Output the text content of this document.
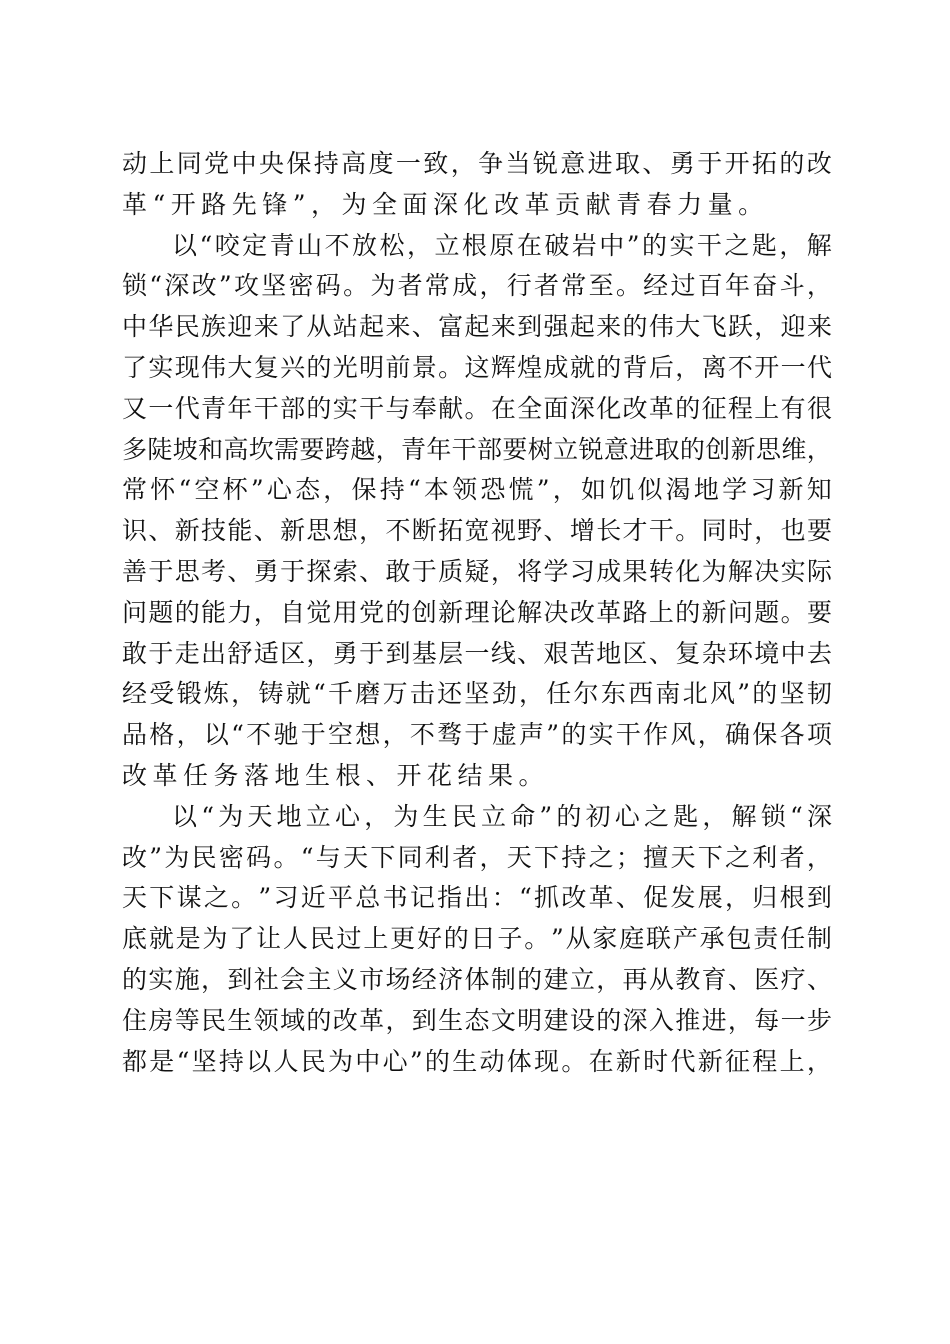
动 上 同 党 中 央 保 持 高 度 一 致 ， 争 当 锐 意 进 取 、 勇 于 开 拓 的 改
革“开路先锋”，为全面深化改革贡献青春力量。
以 “ 咬 定 青 山 不 放 松 ， 立 根 原 在 破 岩 中 ” 的 实 干 之 匙 ， 解
锁 “ 深 改 ” 攻 坚 密 码 。 为 者 常 成 ， 行 者 常 至 。 经 过 百 年 奋 斗 ，
中 华 民 族 迎 来 了 从 站 起 来 、 富 起 来 到 强 起 来 的 伟 大 飞 跃 ， 迎 来
了 实 现 伟 大 复 兴 的 光 明 前 景 。 这 辉 煌 成 就 的 背 后 ， 离 不 开 一 代
又 一 代 青 年 干 部 的 实 干 与 奉 献 。 在 全 面 深 化 改 革 的 征 程 上 有 很
多 陡 坡 和 高 坎 需 要 跨 越 ， 青 年 干 部 要 树 立 锐 意 进 取 的 创 新 思 维 ，
常 怀 “ 空 杯 ” 心 态 ， 保 持 “ 本 领 恐 慌 ” ， 如 饥 似 渴 地 学 习 新 知
识 、 新 技 能 、 新 思 想 ， 不 断 拓 宽 视 野 、 增 长 才 干 。 同 时 ， 也 要
善 于 思 考 、 勇 于 探 索 、 敢 于 质 疑 ， 将 学 习 成 果 转 化 为 解 决 实 际
问 题 的 能 力 ， 自 觉 用 党 的 创 新 理 论 解 决 改 革 路 上 的 新 问 题 。 要
敢 于 走 出 舒 适 区 ， 勇 于 到 基 层 一 线 、 艰 苦 地 区 、 复 杂 环 境 中 去
经 受 锻 炼 ， 铸 就 “ 千 磨 万 击 还 坚 劲 ， 任 尔 东 西 南 北 风 ” 的 坚 韧
品 格 ， 以 “ 不 驰 于 空 想 ， 不 骛 于 虚 声 ” 的 实 干 作 风 ， 确 保 各 项
改革任务落地生根、开花结果。
以 “ 为 天 地 立 心 ， 为 生 民 立 命 ” 的 初 心 之 匙 ， 解 锁 “ 深
改 ” 为 民 密 码 。 “ 与 天 下 同 利 者 ， 天 下 持 之 ； 擅 天 下 之 利 者 ，
天 下 谋 之 。 ” 习 近 平 总 书 记 指 出 ： “ 抓 改 革 、 促 发 展 ， 归 根 到
底 就 是 为 了 让 人 民 过 上 更 好 的 日 子 。 ” 从 家 庭 联 产 承 包 责 任 制
的 实 施 ， 到 社 会 主 义 市 场 经 济 体 制 的 建 立 ， 再 从 教 育 、 医 疗 、
住 房 等 民 生 领 域 的 改 革 ， 到 生 态 文 明 建 设 的 深 入 推 进 ， 每 一 步
都 是 “ 坚 持 以 人 民 为 中 心 ” 的 生 动 体 现 。 在 新 时 代 新 征 程 上 ，
